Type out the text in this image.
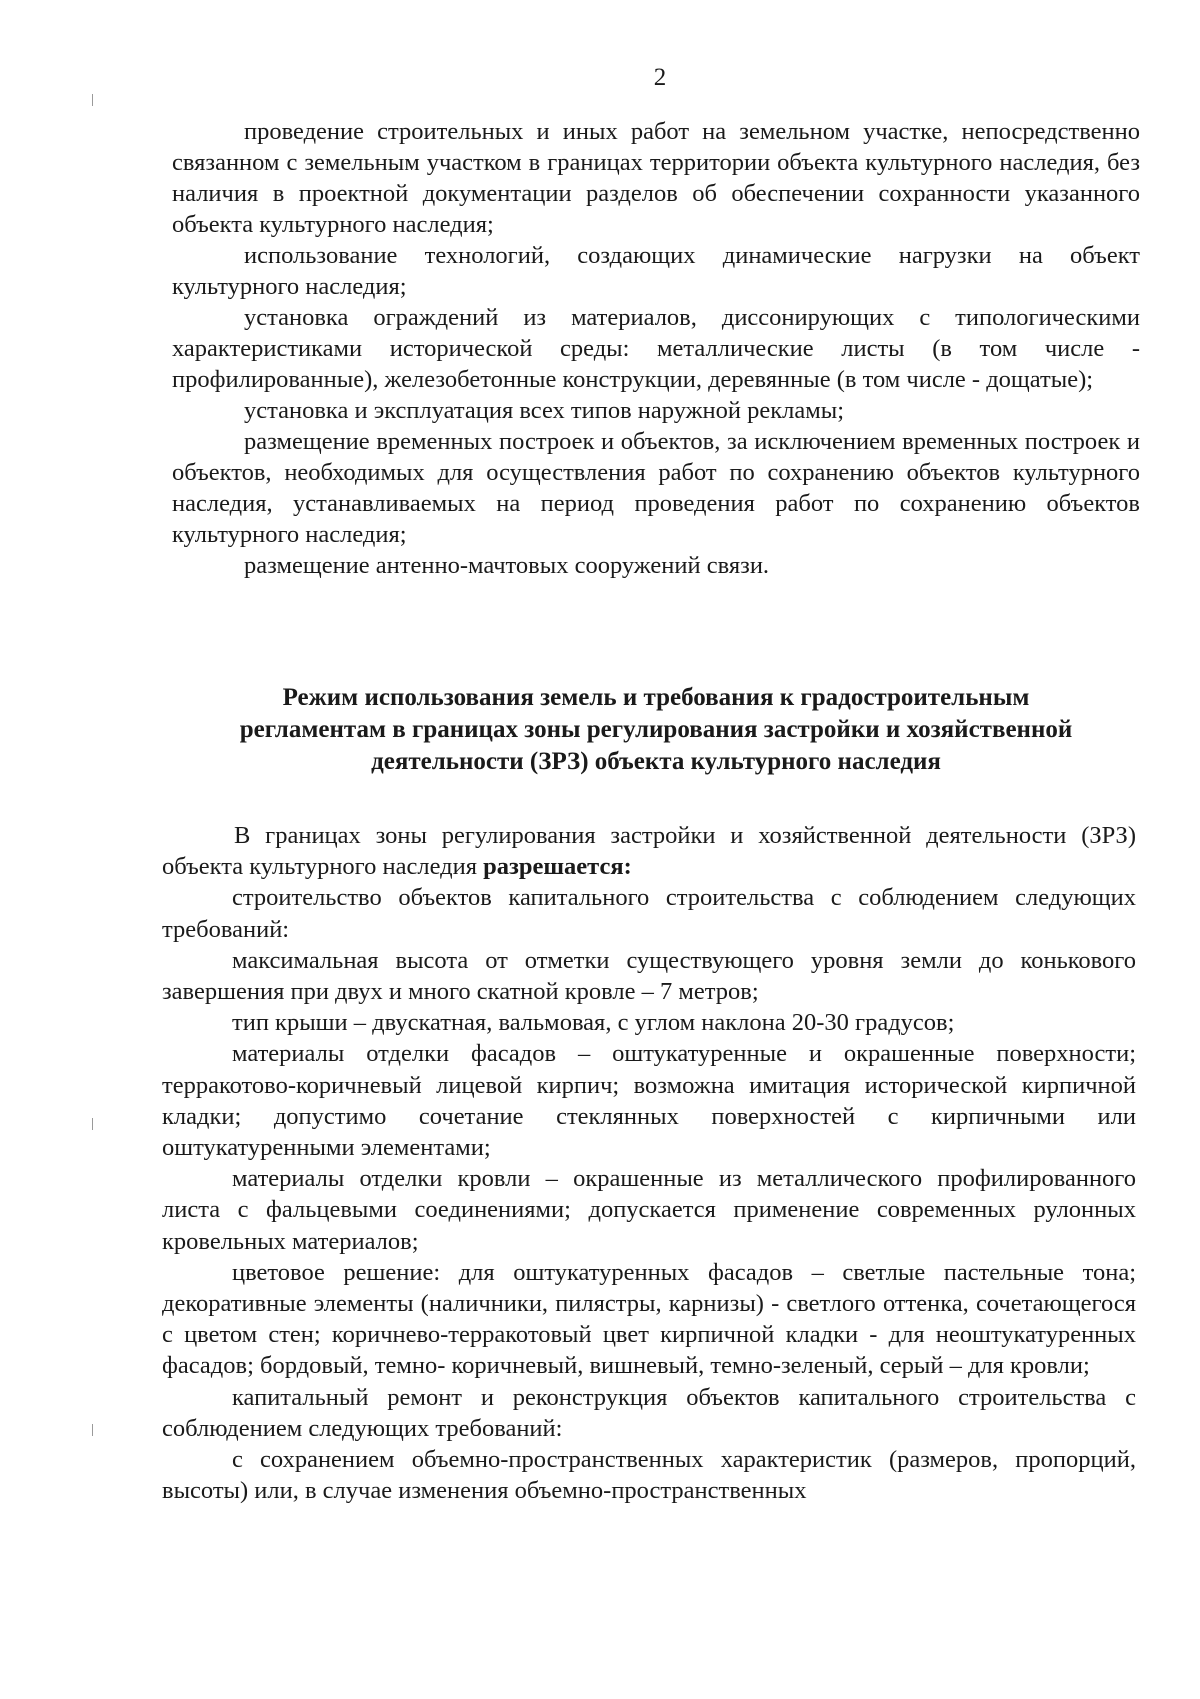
2

проведение строительных и иных работ на земельном участке, непосредственно связанном с земельным участком в границах территории объекта культурного наследия, без наличия в проектной документации разделов об обеспечении сохранности указанного объекта культурного наследия;

использование технологий, создающих динамические нагрузки на объект культурного наследия;

установка ограждений из материалов, диссонирующих с типологическими характеристиками исторической среды: металлические листы (в том числе - профилированные), железобетонные конструкции, деревянные (в том числе - дощатые);

установка и эксплуатация всех типов наружной рекламы;

размещение временных построек и объектов, за исключением временных построек и объектов, необходимых для осуществления работ по сохранению объектов культурного наследия, устанавливаемых на период проведения работ по сохранению объектов культурного наследия;

размещение антенно-мачтовых сооружений связи.

Режим использования земель и требования к градостроительным
регламентам в границах зоны регулирования застройки и хозяйственной
деятельности (ЗРЗ) объекта культурного наследия

В границах зоны регулирования застройки и хозяйственной деятельности (ЗРЗ) объекта культурного наследия разрешается:

строительство объектов капитального строительства с соблюдением следующих требований:

максимальная высота от отметки существующего уровня земли до конькового завершения при двух и много скатной кровле – 7 метров;

тип крыши – двускатная, вальмовая, с углом наклона 20-30 градусов;

материалы отделки фасадов – оштукатуренные и окрашенные поверхности; терракотово-коричневый лицевой кирпич; возможна имитация исторической кирпичной кладки; допустимо сочетание стеклянных поверхностей с кирпичными или оштукатуренными элементами;

материалы отделки кровли – окрашенные из металлического профилированного листа с фальцевыми соединениями; допускается применение современных рулонных кровельных материалов;

цветовое решение: для оштукатуренных фасадов – светлые пастельные тона; декоративные элементы (наличники, пилястры, карнизы) - светлого оттенка, сочетающегося с цветом стен; коричнево-терракотовый цвет кирпичной кладки - для неоштукатуренных фасадов; бордовый, темно- коричневый, вишневый, темно-зеленый, серый – для кровли;

капитальный ремонт и реконструкция объектов капитального строительства с соблюдением следующих требований:

с сохранением объемно-пространственных характеристик (размеров, пропорций, высоты) или, в случае изменения объемно-пространственных
